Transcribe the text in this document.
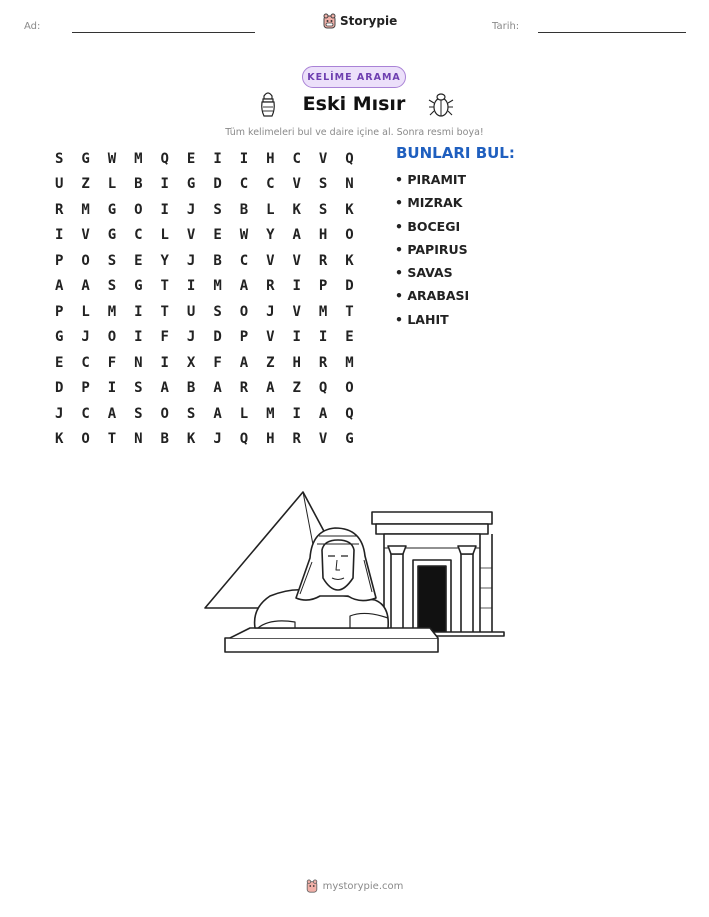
Ad:	Storypie	Tarih:
KELİME ARAMA
Eski Mısır
Tüm kelimeleri bul ve daire içine al. Sonra resmi boya!
S	G	W	M	Q	E	I	I	H	C	V	Q
U	Z	L	B	I	G	D	C	C	V	S	N
R	M	G	O	I	J	S	B	L	K	S	K
I	V	G	C	L	V	E	W	Y	A	H	O
P	O	S	E	Y	J	B	C	V	V	R	K
A	A	S	G	T	I	M	A	R	I	P	D
P	L	M	I	T	U	S	O	J	V	M	T
G	J	O	I	F	J	D	P	V	I	I	E
E	C	F	N	I	X	F	A	Z	H	R	M
D	P	I	S	A	B	A	R	A	Z	Q	O
J	C	A	S	O	S	A	L	M	I	A	Q
K	O	T	N	B	K	J	Q	H	R	V	G
BUNLARI BUL:
• PIRAMIT
• MIZRAK
• BOCEGI
• PAPIRUS
• SAVAS
• ARABASI
• LAHIT
mystorypie.com
